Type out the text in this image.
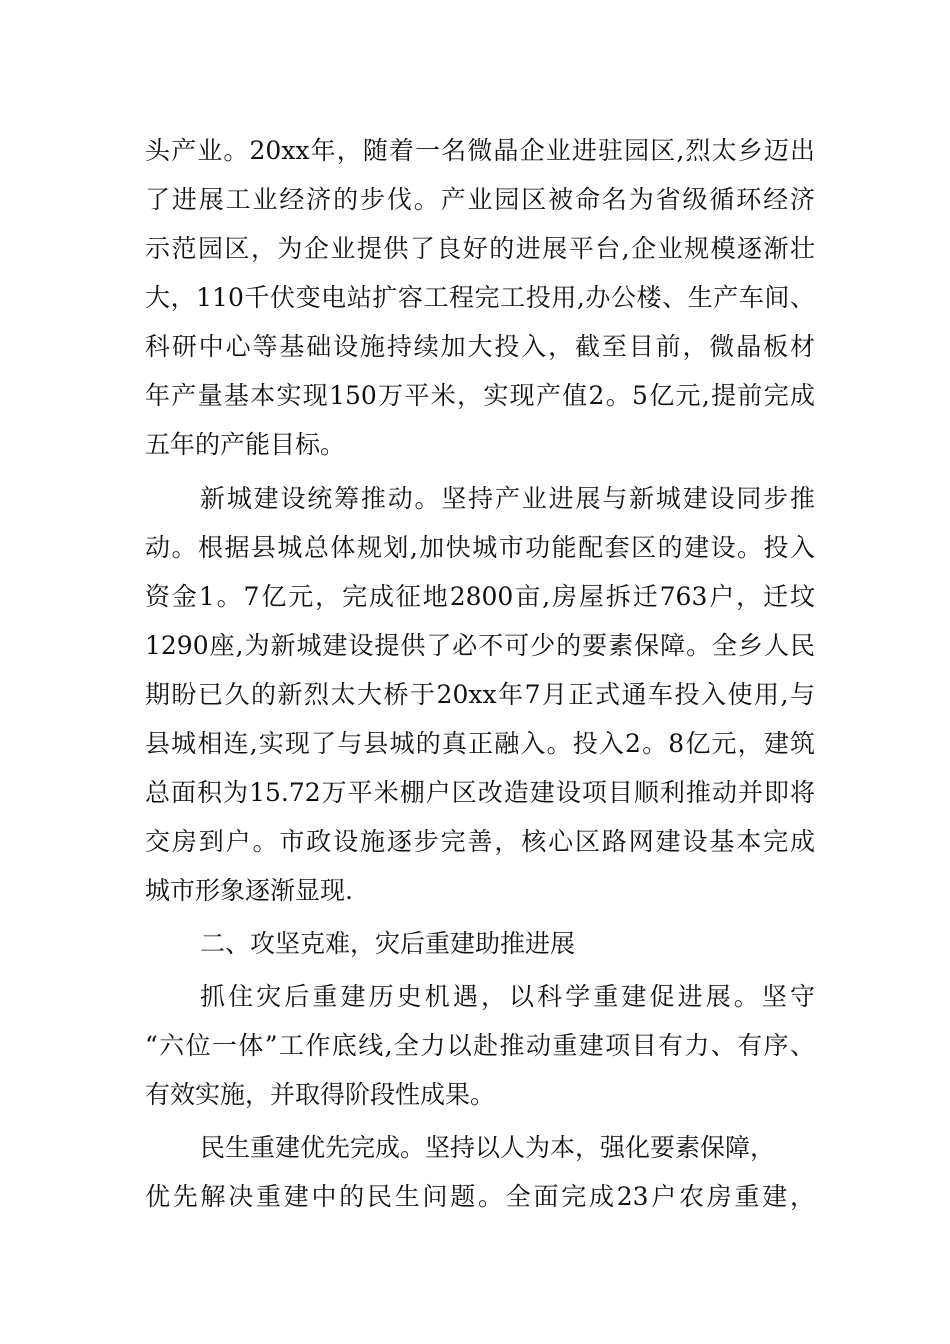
头产业。20xx年，随着一名微晶企业进驻园区,烈太乡迈出
了进展工业经济的步伐。产业园区被命名为省级循环经济
示范园区，为企业提供了良好的进展平台,企业规模逐渐壮
大，110千伏变电站扩容工程完工投用,办公楼、生产车间、
科研中心等基础设施持续加大投入，截至目前，微晶板材
年产量基本实现150万平米，实现产值2。5亿元,提前完成
五年的产能目标。
新城建设统筹推动。坚持产业进展与新城建设同步推
动。根据县城总体规划,加快城市功能配套区的建设。投入
资金1。7亿元，完成征地2800亩,房屋拆迁763户，迁坟
1290座,为新城建设提供了必不可少的要素保障。全乡人民
期盼已久的新烈太大桥于20xx年7月正式通车投入使用,与
县城相连,实现了与县城的真正融入。投入2。8亿元，建筑
总面积为15.72万平米棚户区改造建设项目顺利推动并即将
交房到户。市政设施逐步完善，核心区路网建设基本完成
城市形象逐渐显现.
二、攻坚克难，灾后重建助推进展
抓住灾后重建历史机遇，以科学重建促进展。坚守
“六位一体”工作底线,全力以赴推动重建项目有力、有序、
有效实施，并取得阶段性成果。
民生重建优先完成。坚持以人为本，强化要素保障，
优先解决重建中的民生问题。全面完成23户农房重建，
